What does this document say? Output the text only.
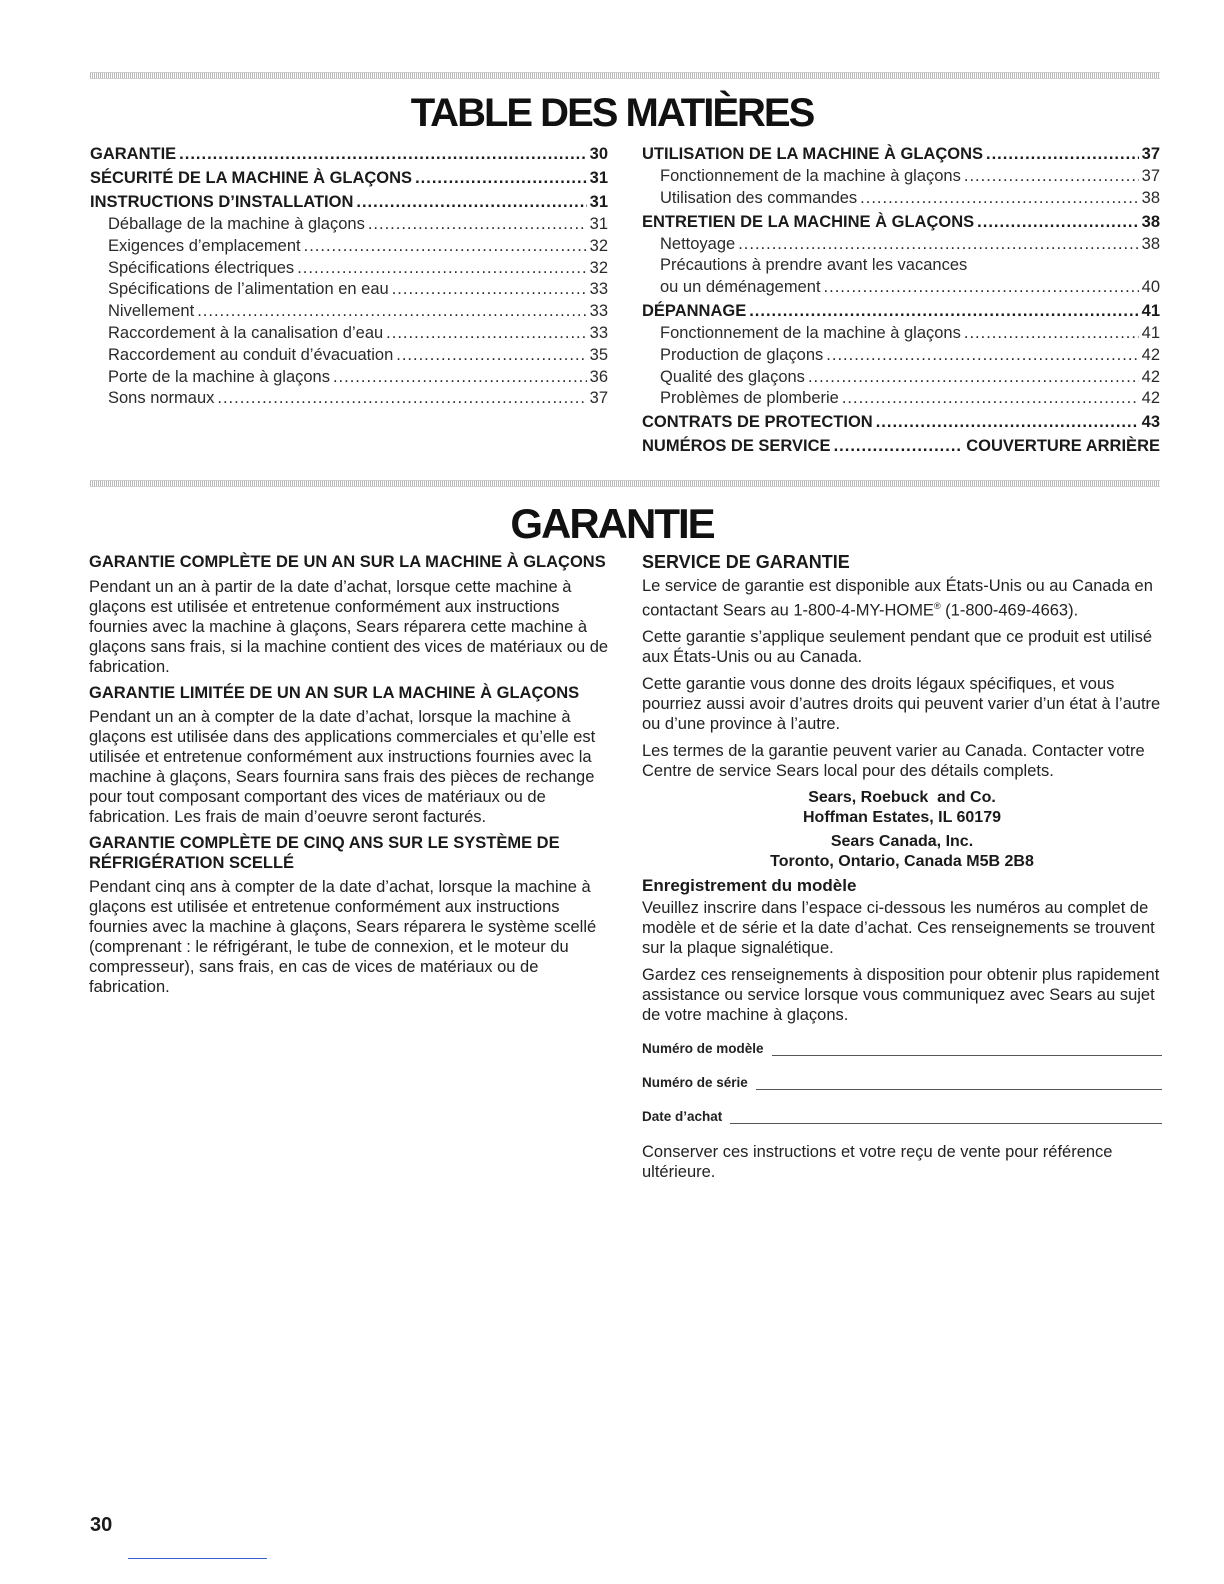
TABLE DES MATIÈRES
GARANTIE .....	30
SÉCURITÉ DE LA MACHINE À GLAÇONS .....	31
INSTRUCTIONS D’INSTALLATION .....	31
Déballage de la machine à glaçons .....	31
Exigences d’emplacement .....	32
Spécifications électriques .....	32
Spécifications de l’alimentation en eau .....	33
Nivellement .....	33
Raccordement à la canalisation d’eau .....	33
Raccordement au conduit d’évacuation .....	35
Porte de la machine à glaçons .....	36
Sons normaux .....	37
UTILISATION DE LA MACHINE À GLAÇONS .....	37
Fonctionnement de la machine à glaçons .....	37
Utilisation des commandes .....	38
ENTRETIEN DE LA MACHINE À GLAÇONS .....	38
Nettoyage .....	38
Précautions à prendre avant les vacances
ou un déménagement .....	40
DÉPANNAGE .....	41
Fonctionnement de la machine à glaçons .....	41
Production de glaçons .....	42
Qualité des glaçons .....	42
Problèmes de plomberie .....	42
CONTRATS DE PROTECTION .....	43
NUMÉROS DE SERVICE .....	COUVERTURE ARRIÈRE
GARANTIE
GARANTIE COMPLÈTE DE UN AN SUR LA MACHINE À GLAÇONS

Pendant un an à partir de la date d’achat, lorsque cette machine à glaçons est utilisée et entretenue conformément aux instructions fournies avec la machine à glaçons, Sears réparera cette machine à glaçons sans frais, si la machine contient des vices de matériaux ou de fabrication.

GARANTIE LIMITÉE DE UN AN SUR LA MACHINE À GLAÇONS

Pendant un an à compter de la date d’achat, lorsque la machine à glaçons est utilisée dans des applications commerciales et qu’elle est utilisée et entretenue conformément aux instructions fournies avec la machine à glaçons, Sears fournira sans frais des pièces de rechange pour tout composant comportant des vices de matériaux ou de fabrication. Les frais de main d’oeuvre seront facturés.

GARANTIE COMPLÈTE DE CINQ ANS SUR LE SYSTÈME DE RÉFRIGÉRATION SCELLÉ

Pendant cinq ans à compter de la date d’achat, lorsque la machine à glaçons est utilisée et entretenue conformément aux instructions fournies avec la machine à glaçons, Sears réparera le système scellé (comprenant : le réfrigérant, le tube de connexion, et le moteur du compresseur), sans frais, en cas de vices de matériaux ou de fabrication.

SERVICE DE GARANTIE

Le service de garantie est disponible aux États-Unis ou au Canada en contactant Sears au 1-800-4-MY-HOME® (1-800-469-4663).

Cette garantie s’applique seulement pendant que ce produit est utilisé aux États-Unis ou au Canada.

Cette garantie vous donne des droits légaux spécifiques, et vous pourriez aussi avoir d’autres droits qui peuvent varier d’un état à l’autre ou d’une province à l’autre.

Les termes de la garantie peuvent varier au Canada. Contacter votre Centre de service Sears local pour des détails complets.

Sears, Roebuck  and Co.

Hoffman Estates, IL 60179

Sears Canada, Inc.

Toronto, Ontario, Canada M5B 2B8

Enregistrement du modèle

Veuillez inscrire dans l’espace ci-dessous les numéros au complet de modèle et de série et la date d’achat. Ces renseignements se trouvent sur la plaque signalétique.

Gardez ces renseignements à disposition pour obtenir plus rapidement assistance ou service lorsque vous communiquez avec Sears au sujet de votre machine à glaçons.

Numéro de modèle
Numéro de série
Date d’achat

Conserver ces instructions et votre reçu de vente pour référence ultérieure.

30
